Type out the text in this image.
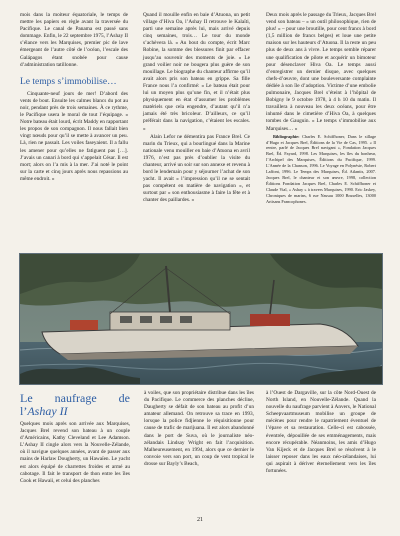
mois dans la moiteur équatoriale, le temps de mettre les papiers en règle avant la traversée du Pacifique. Le canal de Panama est passé sans dommage. Enfin, le 22 septembre 1975, l’Ashay II s’élance vers les Marquises, premier pic de lave émergeant de l’autre côté de l’océan, l’escale des Galápagos étant snobée pour cause d’administration tatillonne.

Le temps s’immobilise…

Cinquante-neuf jours de mer! D’abord des vents de bout. Ensuite les calmes blancs du pot au noir, pendant près de trois semaines. À ce rythme, le Pacifique usera le moral de tout l’équipage. « Notre bateau était lourd, écrit Maddy en rapportant les propos de son compagnon. Il nous fallait bien vingt nœuds pour qu’il se mette à avancer un peu. Là, rien ne passait. Les voiles faseyaient. Il a fallu les amener pour qu’elles ne fatiguent pas […]. J’avais un canari à bord qui s’appelait César. Il est mort; alors on l’a mis à la mer. J’ai noté le point sur la carte et cinq jours après nous repassions au même endroit. »

Quand il mouille enfin en baie d’Atuona, un petit village d’Hiva Oa, l’Ashay II retrouve le Kalaïti, parti une semaine après lui, mais arrivé depuis cinq semaines, trois… Le tour du monde s’achèvera là. « Au bout du compte, écrit Marc Robine, la somme des blessures finit par effacer jusqu’au souvenir des moments de joie. » Le grand voilier noir ne bougera plus guère de son mouillage. Le biographe du chanteur affirme qu’il avait alors pris son bateau en grippe. Sa fille France nous l’a confirmé: « Le bateau était pour lui un moyen plus qu’une fin, et il n’était plus physiquement en état d’assumer les problèmes matériels que cela engendre, d’autant qu’il n’a jamais été très bricoleur. D’ailleurs, ce qu’il préférait dans la navigation, c’étaient les escales. »

Alain Lefor ne démentira pas France Brel. Ce marin du Trieux, qui a bourlingué dans la Marine nationale venu mouiller en baie d’Atuona en avril 1976, n’est pas près d’oublier la visite du chanteur, arrivé un soir sur son annexe et revenu à bord le lendemain pour y séjourner l’achat de son yacht. Il avait « l’impression qu’il ne se sentait pas compétent en matière de navigation », et surtout par « son enthousiasme à faire la fête et à chanter des paillardes. »

Deux mois après le passage du Trieux, Jacques Brel vend son bateau – « un outil philosophique, rien de plus! » – pour une broutille, pour cent francs à bord (1,5 million de francs belges) et loue une petite maison sur les hauteurs d’Atuona. Il la reste un peu plus de deux ans à vivre. Le temps semble réparer une qualification de pilote et acquérir un bimoteur pour désenclaver Hiva Oa. Le temps aussi d’enregistrer un dernier disque, avec quelques chefs-d’œuvre, dont une bouleversante complainte dédiée à son île d’adoption. Victime d’une embolie pulmonaire, Jacques Brel s’éteint à l’hôpital de Bobigny le 9 octobre 1978, à 4 h 10 du matin. Il travaillera à nouveau les deux océans, pour être inhumé dans le cimetière d’Hiva Oa, à quelques tombes de Gauguin. « Le temps s’immobilise aux Marquises… »

Bibliographie: Charles E. Schiffhoner, Dans le sillage d’Hugo et Jacques Brel, Éditions de la Vie de Cas, 1995. « Il rentre, parlé de Jacques Brel navigant », Fondation Jacques Brel, Éd. Fayard, 1998. Les Marquises, les îles du bonheur, l’Archipel des Marquises, Éditions du Pacifique, 1999. L’Année de la Chanson, 1996. Le Voyage en Polynésie, Robert Laffont, 1996. Le Temps des Marquises, Éd. Atlantis, 2007. Jacques Brel, le chanteur et son œuvre, 1998, collection Éditions Fondation Jacques Brel, Charles E. Schiffhoner et Claude Vial, « Ashay » à travers Marquises, 1990. Eric Jaskey, Chroniques de marins, 6 rue Nassau 1000 Bruxelles, 13000 Artisans Francophones.

Le naufrage de l’Ashay II

Quelques mois après son arrivée aux Marquises, Jacques Brel revend son bateau à un couple d’Américains, Kathy Cleveland et Lee Adamson. L’Ashay II cingle alors vers la Nouvelle-Zélande, où il navigue quelques années, avant de passer aux mains de Harlaw Dougherty, un Hawaïen. Le yacht est alors équipé de charrettes froides et armé au cabotage. Il fait le transport de thon entre les îles Cook et Hawaii, et celui des planches

à voiles, que son propriétaire distribue dans les îles du Pacifique. Le commerce des planches décline, Daugherty se défait de son bateau au profit d’un amateur allemand. On retrouve sa trace en 1993, lorsque la police fidjienne le réquisitionne pour cause de trafic de marijuana. Il est alors abandonné dans le port de Suva, où le journaliste néo-zélandais Lindsay Wright en fait l’acquisition. Malheureusement, en 1994, alors que ce dernier le convoie vers son port, un coup de vent tropical le drosse sur Bayly’s Beach,

à l’Ouest de Dargaville, sur la côte Nord-Ouest de North Island, en Nouvelle-Zélande. Quand la nouvelle du naufrage parvient à Anvers, le National Scheepvaartmuseum mobilise un groupe de mécènes pour rendre le rapatriement éventuel de l’épave et sa restauration. Celle-ci est cabossée, éventrée, dépouillée de ses emménagements, mais encore récupérable. Néanmoins, les amis d’Hugo Van Kijeck et de Jacques Brel se résolvent à le laisser reposer dans les eaux néo-zélandaises, lui qui aspirait à dériver éternellement vers les îles fortunées.

21
